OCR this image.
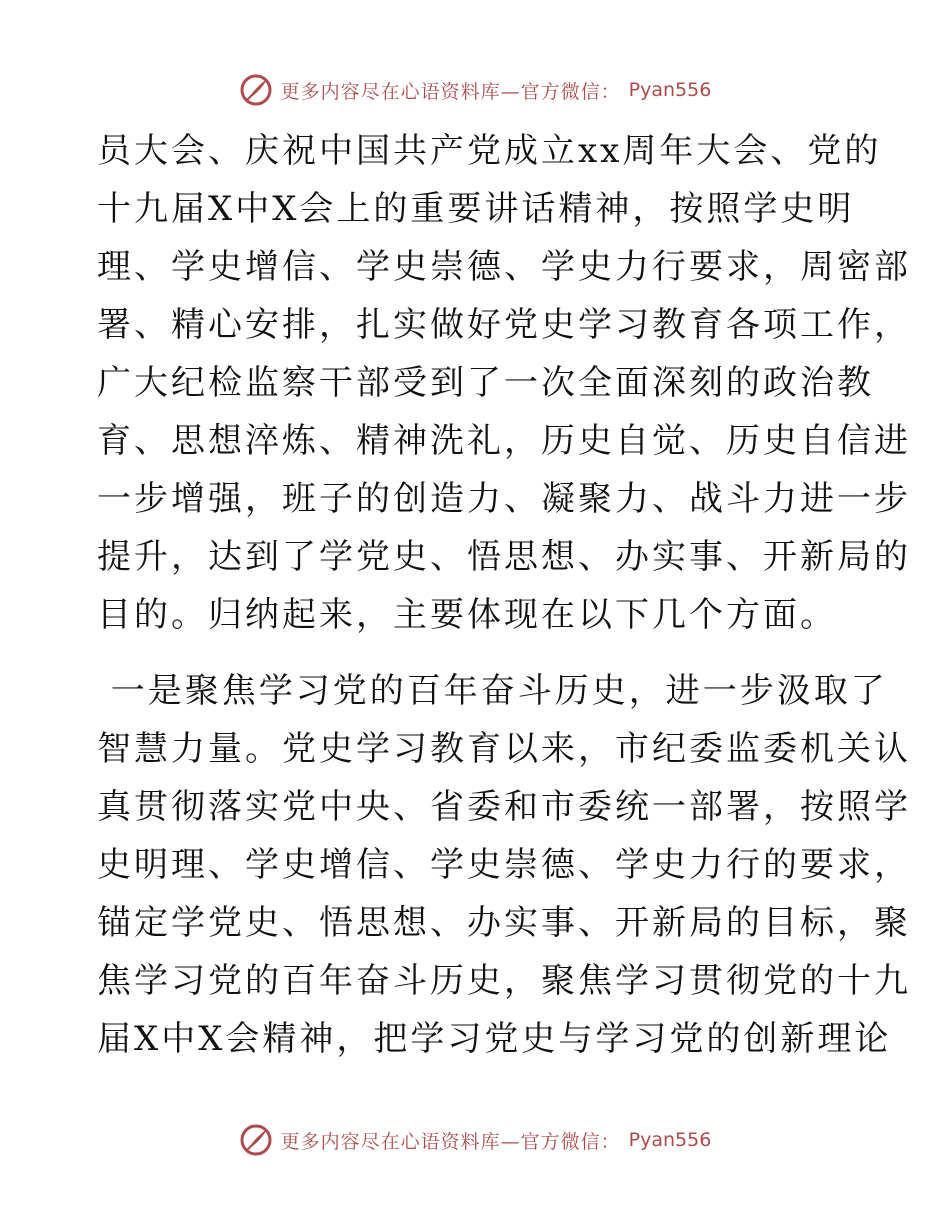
更多内容尽在心语资料库—官方微信： Pyan556
员大会、庆祝中国共产党成立xx周年大会、党的
十九届X中X会上的重要讲话精神，按照学史明
理、学史增信、学史崇德、学史力行要求，周密部
署、精心安排，扎实做好党史学习教育各项工作，
广大纪检监察干部受到了一次全面深刻的政治教
育、思想淬炼、精神洗礼，历史自觉、历史自信进
一步增强，班子的创造力、凝聚力、战斗力进一步
提升，达到了学党史、悟思想、办实事、开新局的
目的。归纳起来，主要体现在以下几个方面。
一是聚焦学习党的百年奋斗历史，进一步汲取了
智慧力量。党史学习教育以来，市纪委监委机关认
真贯彻落实党中央、省委和市委统一部署，按照学
史明理、学史增信、学史崇德、学史力行的要求，
锚定学党史、悟思想、办实事、开新局的目标，聚
焦学习党的百年奋斗历史，聚焦学习贯彻党的十九
届X中X会精神，把学习党史与学习党的创新理论
更多内容尽在心语资料库—官方微信： Pyan556
